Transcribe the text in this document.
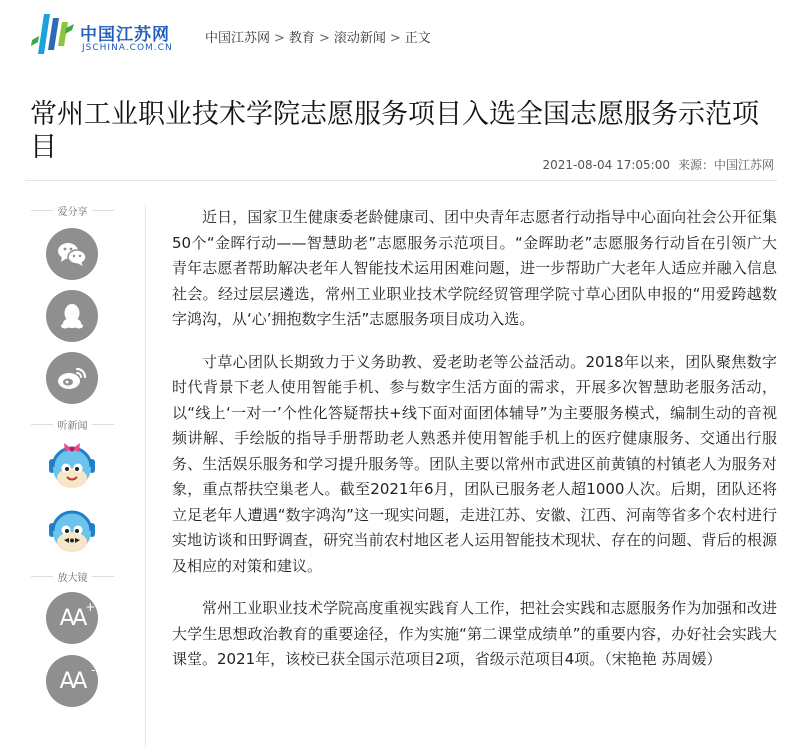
中国江苏网
JSCHINA.COM.CN
中国江苏网 > 教育 > 滚动新闻 > 正文
常州工业职业技术学院志愿服务项目入选全国志愿服务示范项目
2021-08-04 17:05:00 来源：中国江苏网
爱分享
听新闻
放大镜
AA +
AA -

近日，国家卫生健康委老龄健康司、团中央青年志愿者行动指导中心面向社会公开征集50个“金晖行动——智慧助老”志愿服务示范项目。“金晖助老”志愿服务行动旨在引领广大青年志愿者帮助解决老年人智能技术运用困难问题，进一步帮助广大老年人适应并融入信息社会。经过层层遴选，常州工业职业技术学院经贸管理学院寸草心团队申报的“用爱跨越数字鸿沟，从‘心’拥抱数字生活”志愿服务项目成功入选。

寸草心团队长期致力于义务助教、爱老助老等公益活动。2018年以来，团队聚焦数字时代背景下老人使用智能手机、参与数字生活方面的需求，开展多次智慧助老服务活动，以“线上‘一对一’个性化答疑帮扶+线下面对面团体辅导”为主要服务模式，编制生动的音视频讲解、手绘版的指导手册帮助老人熟悉并使用智能手机上的医疗健康服务、交通出行服务、生活娱乐服务和学习提升服务等。团队主要以常州市武进区前黄镇的村镇老人为服务对象，重点帮扶空巢老人。截至2021年6月，团队已服务老人超1000人次。后期，团队还将立足老年人遭遇“数字鸿沟”这一现实问题，走进江苏、安徽、江西、河南等省多个农村进行实地访谈和田野调查，研究当前农村地区老人运用智能技术现状、存在的问题、背后的根源及相应的对策和建议。

常州工业职业技术学院高度重视实践育人工作，把社会实践和志愿服务作为加强和改进大学生思想政治教育的重要途径，作为实施“第二课堂成绩单”的重要内容，办好社会实践大课堂。2021年，该校已获全国示范项目2项，省级示范项目4项。（宋艳艳 苏周媛）
